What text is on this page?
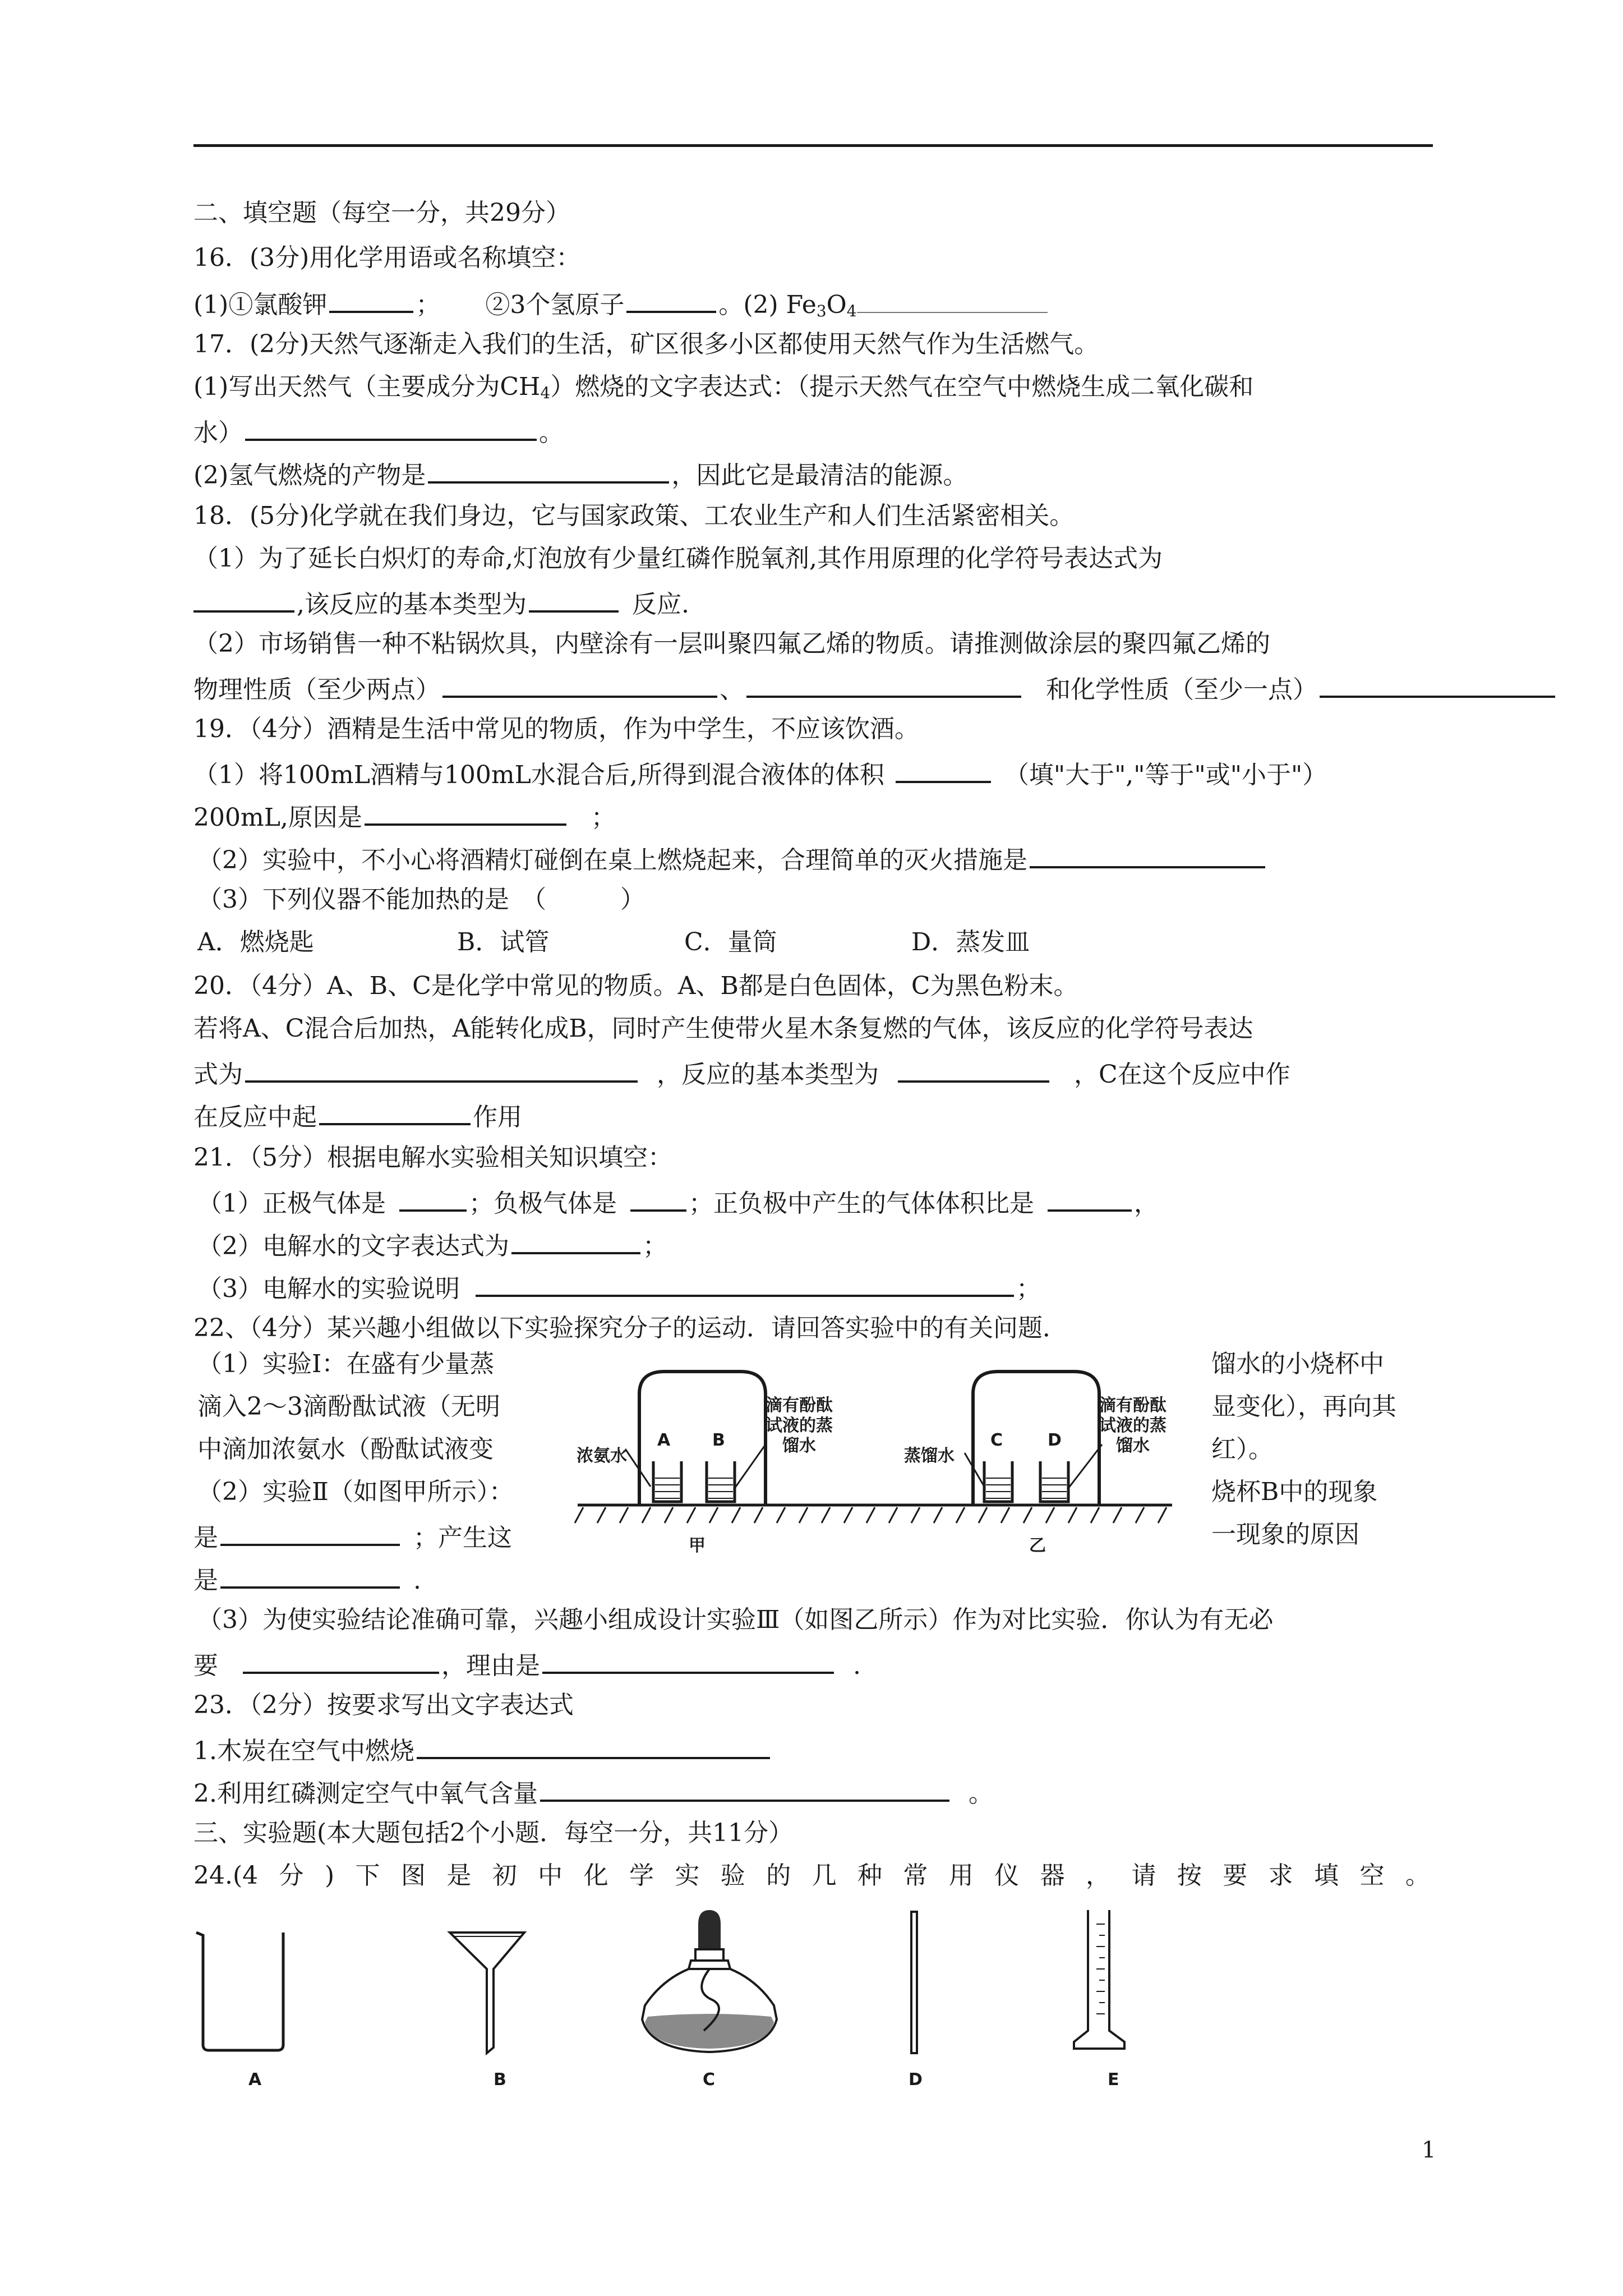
二、填空题（每空一分，共29分）
16．(3分)用化学用语或名称填空：
(1)①氯酸钾	； ②3个氢原子	。(2) $Fe_3O_4$
17．(2分)天然气逐渐走入我们的生活，矿区很多小区都使用天然气作为生活燃气。
(1)写出天然气（主要成分为$CH_4$）燃烧的文字表达式：（提示天然气在空气中燃烧生成二氧化碳和
水）	。
(2)氢气燃烧的产物是	，因此它是最清洁的能源。
18．(5分)化学就在我们身边，它与国家政策、工农业生产和人们生活紧密相关。
（1）为了延长白炽灯的寿命,灯泡放有少量红磷作脱氧剂,其作用原理的化学符号表达式为
,该反应的基本类型为	反应.
（2）市场销售一种不粘锅炊具，内壁涂有一层叫聚四氟乙烯的物质。请推测做涂层的聚四氟乙烯的
物理性质（至少两点）	、	和化学性质（至少一点）
19．（4分）酒精是生活中常见的物质，作为中学生，不应该饮酒。
（1）将100mL酒精与100mL水混合后,所得到混合液体的体积	（填"大于","等于"或"小于"）
200mL,原因是	；
（2）实验中，不小心将酒精灯碰倒在桌上燃烧起来，合理简单的灭火措施是
（3）下列仪器不能加热的是　（　　　）
A．燃烧匙	B．试管	C．量筒	D．蒸发皿
20．（4分）A、B、C是化学中常见的物质。A、B都是白色固体，C为黑色粉末。
若将A、C混合后加热，A能转化成B，同时产生使带火星木条复燃的气体，该反应的化学符号表达
式为	，反应的基本类型为	，C在这个反应中作
在反应中起	作用
21．（5分）根据电解水实验相关知识填空：
（1）正极气体是	；负极气体是	；正负极中产生的气体体积比是	，
（2）电解水的文字表达式为	；
（3）电解水的实验说明	；
22、（4分）某兴趣小组做以下实验探究分子的运动．请回答实验中的有关问题．
（1）实验Ⅰ：在盛有少量蒸	馏水的小烧杯中
滴入2～3滴酚酞试液（无明	显变化），再向其
中滴加浓氨水（酚酞试液变	红）。
（2）实验Ⅱ（如图甲所示）：	烧杯B中的现象
是	；产生这	一现象的原因
是	.
浓氨水
A B
滴有酚酞
试液的蒸
馏水
甲
蒸馏水
C	D
滴有酚酞
试液的蒸
馏水
乙
（3）为使实验结论准确可靠，兴趣小组成设计实验Ⅲ（如图乙所示）作为对比实验．你认为有无必
要	，理由是	.
23．（2分）按要求写出文字表达式
1.木炭在空气中燃烧
2.利用红磷测定空气中氧气含量	。
三、实验题(本大题包括2个小题．每空一分，共11分）
24.(4 分 ) 下 图 是 初 中 化 学 实 验 的 几 种 常 用 仪 器 ， 请 按 要 求 填 空 。
A	B	C	D	E
1
